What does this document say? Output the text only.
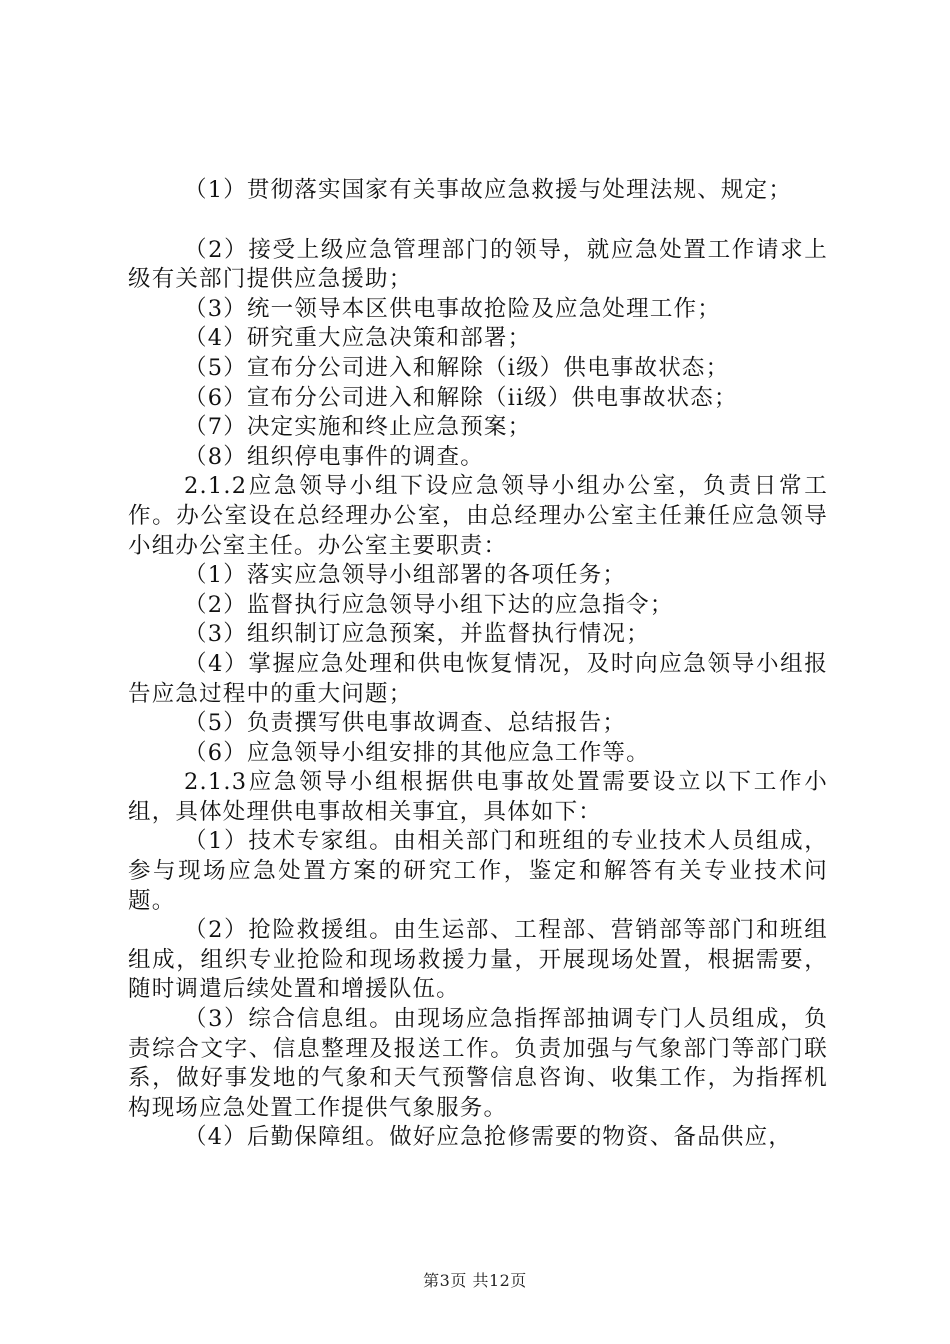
（1）贯彻落实国家有关事故应急救援与处理法规、规定；

（2）接受上级应急管理部门的领导，就应急处置工作请求上级有关部门提供应急援助；

（3）统一领导本区供电事故抢险及应急处理工作；

（4）研究重大应急决策和部署；

（5）宣布分公司进入和解除（i级）供电事故状态；

（6）宣布分公司进入和解除（ii级）供电事故状态；

（7）决定实施和终止应急预案；

（8）组织停电事件的调查。

2.1.2应急领导小组下设应急领导小组办公室，负责日常工作。办公室设在总经理办公室，由总经理办公室主任兼任应急领导小组办公室主任。办公室主要职责：

（1）落实应急领导小组部署的各项任务；

（2）监督执行应急领导小组下达的应急指令；

（3）组织制订应急预案，并监督执行情况；

（4）掌握应急处理和供电恢复情况，及时向应急领导小组报告应急过程中的重大问题；

（5）负责撰写供电事故调查、总结报告；

（6）应急领导小组安排的其他应急工作等。

2.1.3应急领导小组根据供电事故处置需要设立以下工作小组，具体处理供电事故相关事宜，具体如下：

（1）技术专家组。由相关部门和班组的专业技术人员组成，参与现场应急处置方案的研究工作，鉴定和解答有关专业技术问题。

（2）抢险救援组。由生运部、工程部、营销部等部门和班组组成，组织专业抢险和现场救援力量，开展现场处置，根据需要，随时调遣后续处置和增援队伍。

（3）综合信息组。由现场应急指挥部抽调专门人员组成，负责综合文字、信息整理及报送工作。负责加强与气象部门等部门联系，做好事发地的气象和天气预警信息咨询、收集工作，为指挥机构现场应急处置工作提供气象服务。

（4）后勤保障组。做好应急抢修需要的物资、备品供应，

第3页 共12页
